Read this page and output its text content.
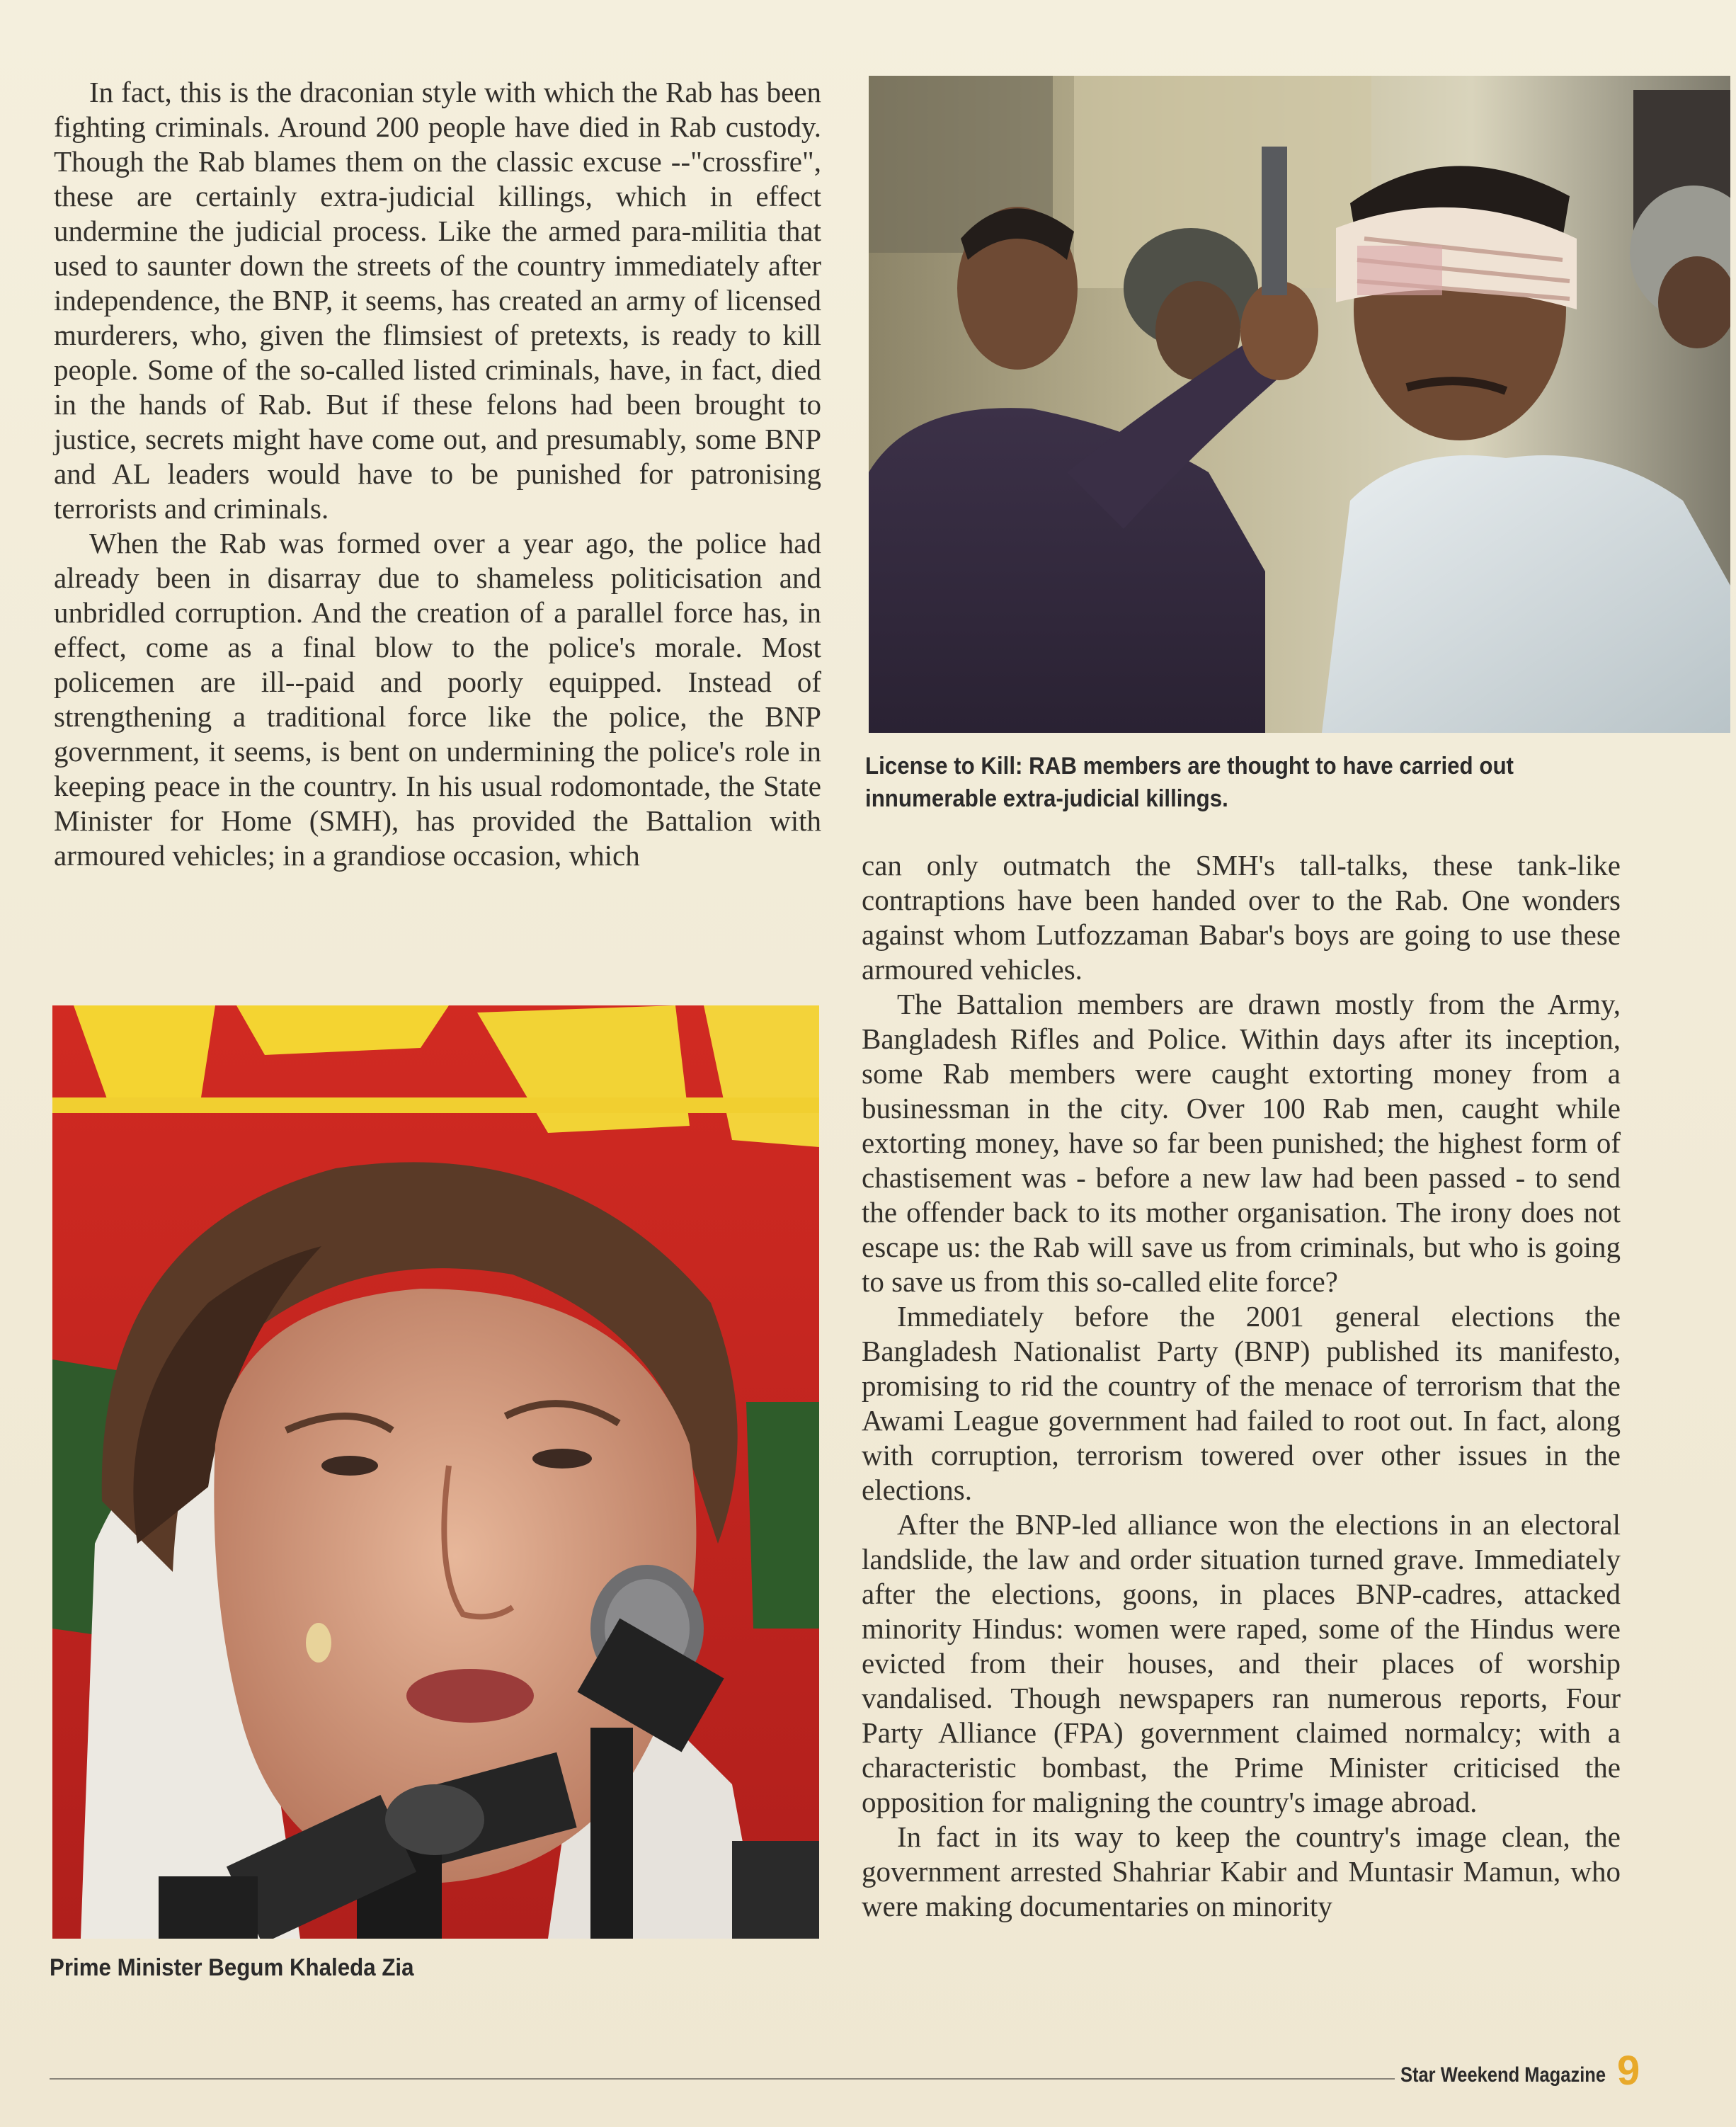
In fact, this is the draconian style with which the Rab has been fighting criminals. Around 200 people have died in Rab custody. Though the Rab blames them on the classic excuse --"crossfire", these are certainly extra-judicial killings, which in effect undermine the judicial process. Like the armed para-militia that used to saunter down the streets of the country immediately after independence, the BNP, it seems, has created an army of licensed murderers, who, given the flimsiest of pretexts, is ready to kill people. Some of the so-called listed criminals, have, in fact, died in the hands of Rab. But if these felons had been brought to justice, secrets might have come out, and presumably, some BNP and AL leaders would have to be punished for patronising terrorists and criminals.

When the Rab was formed over a year ago, the police had already been in disarray due to shameless politicisation and unbridled corruption. And the creation of a parallel force has, in effect, come as a final blow to the police's morale. Most policemen are ill--paid and poorly equipped. Instead of strengthening a traditional force like the police, the BNP government, it seems, is bent on undermining the police's role in keeping peace in the country. In his usual rodomontade, the State Minister for Home (SMH), has provided the Battalion with armoured vehicles; in a grandiose occasion, which

License to Kill: RAB members are thought to have carried out innumerable extra-judicial killings.
Prime Minister Begum Khaleda Zia

can only outmatch the SMH's tall-talks, these tank-like contraptions have been handed over to the Rab. One wonders against whom Lutfozzaman Babar's boys are going to use these armoured vehicles.

The Battalion members are drawn mostly from the Army, Bangladesh Rifles and Police. Within days after its inception, some Rab members were caught extorting money from a businessman in the city. Over 100 Rab men, caught while extorting money, have so far been punished; the highest form of chastisement was - before a new law had been passed - to send the offender back to its mother organisation. The irony does not escape us: the Rab will save us from criminals, but who is going to save us from this so-called elite force?

Immediately before the 2001 general elections the Bangladesh Nationalist Party (BNP) published its manifesto, promising to rid the country of the menace of terrorism that the Awami League government had failed to root out. In fact, along with corruption, terrorism towered over other issues in the elections.

After the BNP-led alliance won the elections in an electoral landslide, the law and order situation turned grave. Immediately after the elections, goons, in places BNP-cadres, attacked minority Hindus: women were raped, some of the Hindus were evicted from their houses, and their places of worship vandalised. Though newspapers ran numerous reports, Four Party Alliance (FPA) government claimed normalcy; with a characteristic bombast, the Prime Minister criticised the opposition for maligning the country's image abroad.

In fact in its way to keep the country's image clean, the government arrested Shahriar Kabir and Muntasir Mamun, who were making documentaries on minority

Star Weekend Magazine 9
